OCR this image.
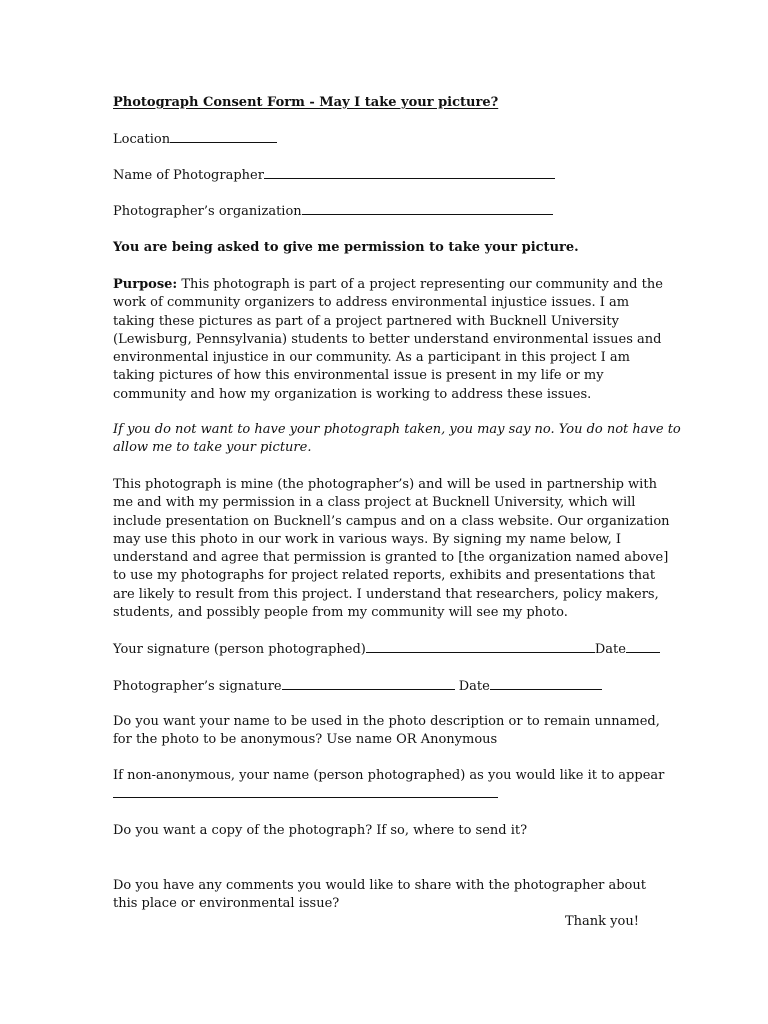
Photograph Consent Form - May I take your picture?
Location
Name of Photographer
Photographer’s organization
You are being asked to give me permission to take your picture.
Purpose: This photograph is part of a project representing our community and the
work of community organizers to address environmental injustice issues. I am
taking these pictures as part of a project partnered with Bucknell University
(Lewisburg, Pennsylvania) students to better understand environmental issues and
environmental injustice in our community. As a participant in this project I am
taking pictures of how this environmental issue is present in my life or my
community and how my organization is working to address these issues.
If you do not want to have your photograph taken, you may say no. You do not have to
allow me to take your picture.
This photograph is mine (the photographer’s) and will be used in partnership with
me and with my permission in a class project at Bucknell University, which will
include presentation on Bucknell’s campus and on a class website. Our organization
may use this photo in our work in various ways. By signing my name below, I
understand and agree that permission is granted to [the organization named above]
to use my photographs for project related reports, exhibits and presentations that
are likely to result from this project. I understand that researchers, policy makers,
students, and possibly people from my community will see my photo.
Your signature (person photographed)	Date
Photographer’s signature	Date
Do you want your name to be used in the photo description or to remain unnamed,
for the photo to be anonymous? Use name OR Anonymous
If non-anonymous, your name (person photographed) as you would like it to appear
Do you want a copy of the photograph? If so, where to send it?
Do you have any comments you would like to share with the photographer about
this place or environmental issue?
Thank you!
